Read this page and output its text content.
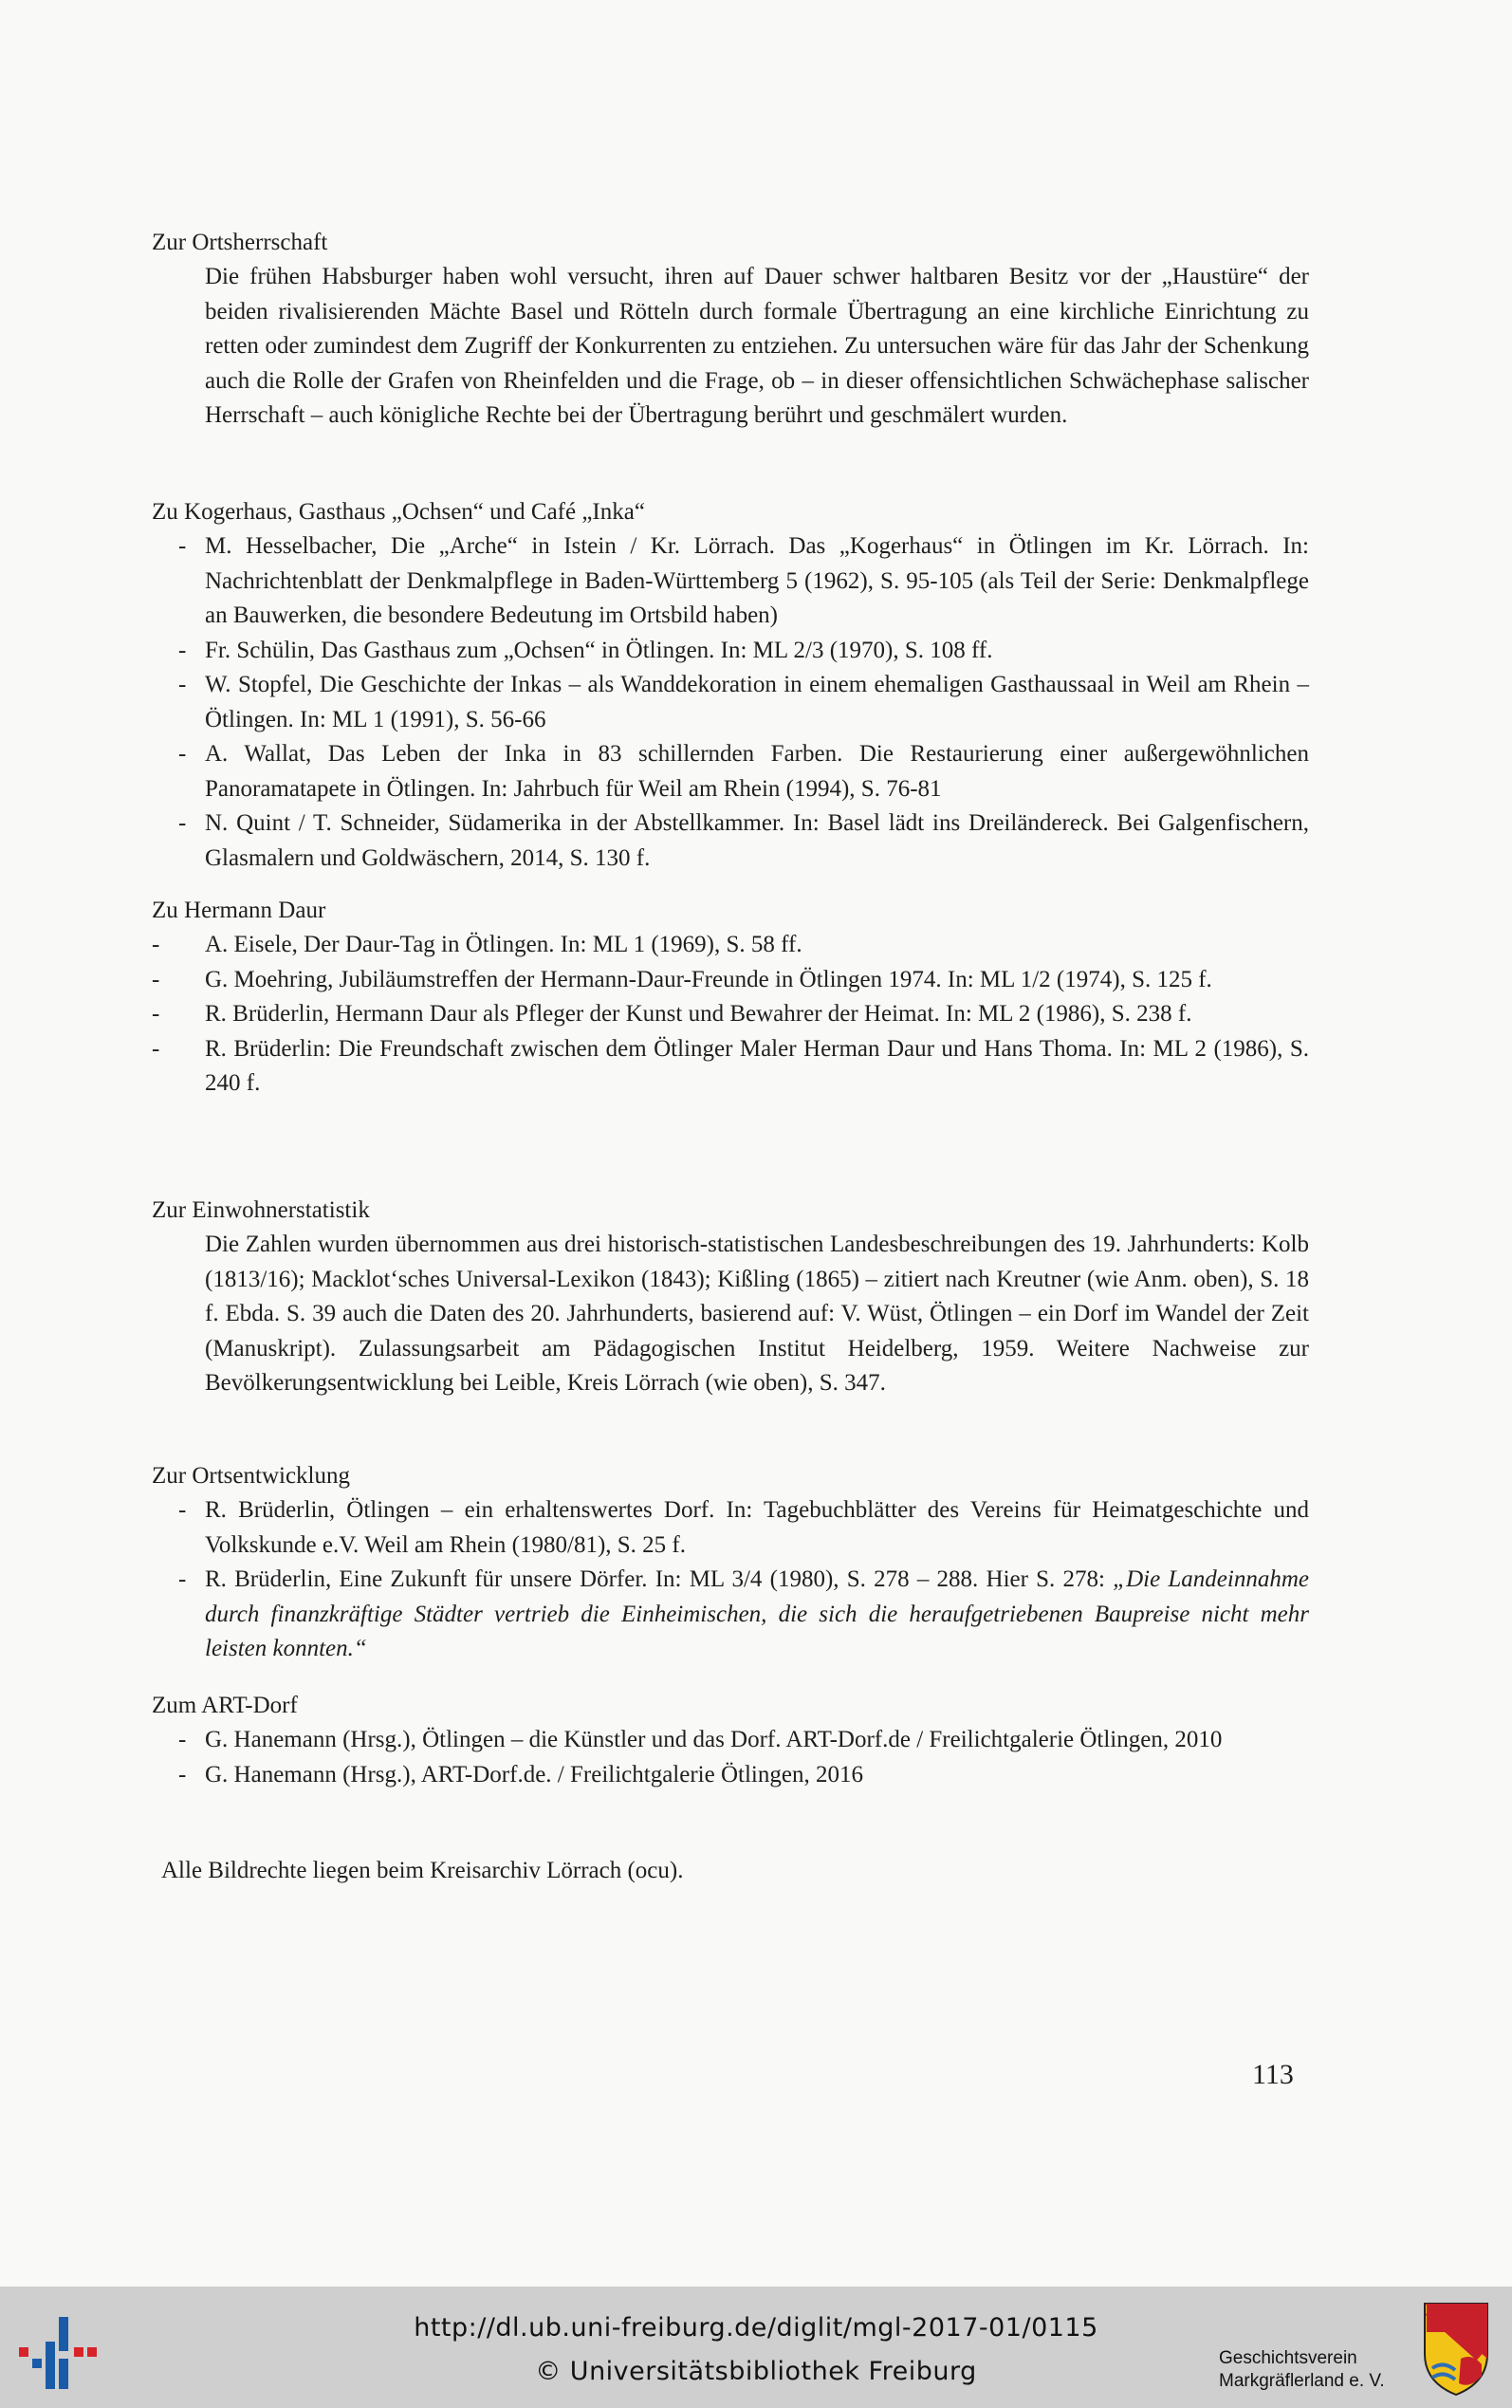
Zur Ortsherrschaft

Die frühen Habsburger haben wohl versucht, ihren auf Dauer schwer haltbaren Besitz vor der „Haustüre“ der beiden rivalisierenden Mächte Basel und Rötteln durch formale Übertragung an eine kirchliche Einrichtung zu retten oder zumindest dem Zugriff der Konkurrenten zu entziehen. Zu untersuchen wäre für das Jahr der Schenkung auch die Rolle der Grafen von Rheinfelden und die Frage, ob – in dieser offensichtlichen Schwächephase salischer Herrschaft – auch königliche Rechte bei der Übertragung berührt und geschmälert wurden.

Zu Kogerhaus, Gasthaus „Ochsen“ und Café „Inka“

- M. Hesselbacher, Die „Arche“ in Istein / Kr. Lörrach. Das „Kogerhaus“ in Ötlingen im Kr. Lörrach. In: Nachrichtenblatt der Denkmalpflege in Baden-Württemberg 5 (1962), S. 95-105 (als Teil der Serie: Denkmalpflege an Bauwerken, die besondere Bedeutung im Ortsbild haben)
- Fr. Schülin, Das Gasthaus zum „Ochsen“ in Ötlingen. In: ML 2/3 (1970), S. 108 ff.
- W. Stopfel, Die Geschichte der Inkas – als Wanddekoration in einem ehemaligen Gasthaussaal in Weil am Rhein – Ötlingen. In: ML 1 (1991), S. 56-66
- A. Wallat, Das Leben der Inka in 83 schillernden Farben. Die Restaurierung einer außergewöhnlichen Panoramatapete in Ötlingen. In: Jahrbuch für Weil am Rhein (1994), S. 76-81
- N. Quint / T. Schneider, Südamerika in der Abstellkammer. In: Basel lädt ins Dreiländereck. Bei Galgenfischern, Glasmalern und Goldwäschern, 2014, S. 130 f.

Zu Hermann Daur

- A. Eisele, Der Daur-Tag in Ötlingen. In: ML 1 (1969), S. 58 ff.
- G. Moehring, Jubiläumstreffen der Hermann-Daur-Freunde in Ötlingen 1974. In: ML 1/2 (1974), S. 125 f.
- R. Brüderlin, Hermann Daur als Pfleger der Kunst und Bewahrer der Heimat. In: ML 2 (1986), S. 238 f.
- R. Brüderlin: Die Freundschaft zwischen dem Ötlinger Maler Herman Daur und Hans Thoma. In: ML 2 (1986), S. 240 f.

Zur Einwohnerstatistik

Die Zahlen wurden übernommen aus drei historisch-statistischen Landesbeschreibungen des 19. Jahrhunderts: Kolb (1813/16); Macklot‘sches Universal-Lexikon (1843); Kißling (1865) – zitiert nach Kreutner (wie Anm. oben), S. 18 f. Ebda. S. 39 auch die Daten des 20. Jahrhunderts, basierend auf: V. Wüst, Ötlingen – ein Dorf im Wandel der Zeit (Manuskript). Zulassungsarbeit am Pädagogischen Institut Heidelberg, 1959. Weitere Nachweise zur Bevölkerungsentwicklung bei Leible, Kreis Lörrach (wie oben), S. 347.

Zur Ortsentwicklung

- R. Brüderlin, Ötlingen – ein erhaltenswertes Dorf. In: Tagebuchblätter des Vereins für Heimatgeschichte und Volkskunde e.V. Weil am Rhein (1980/81), S. 25 f.
- R. Brüderlin, Eine Zukunft für unsere Dörfer. In: ML 3/4 (1980), S. 278 – 288. Hier S. 278: „Die Landeinnahme durch finanzkräftige Städter vertrieb die Einheimischen, die sich die heraufgetriebenen Baupreise nicht mehr leisten konnten.“

Zum ART-Dorf

- G. Hanemann (Hrsg.), Ötlingen – die Künstler und das Dorf. ART-Dorf.de / Freilichtgalerie Ötlingen, 2010
- G. Hanemann (Hrsg.), ART-Dorf.de. / Freilichtgalerie Ötlingen, 2016

Alle Bildrechte liegen beim Kreisarchiv Lörrach (ocu).

113
http://dl.ub.uni-freiburg.de/diglit/mgl-2017-01/0115
© Universitätsbibliothek Freiburg	Geschichtsverein
Markgräflerland e. V.
